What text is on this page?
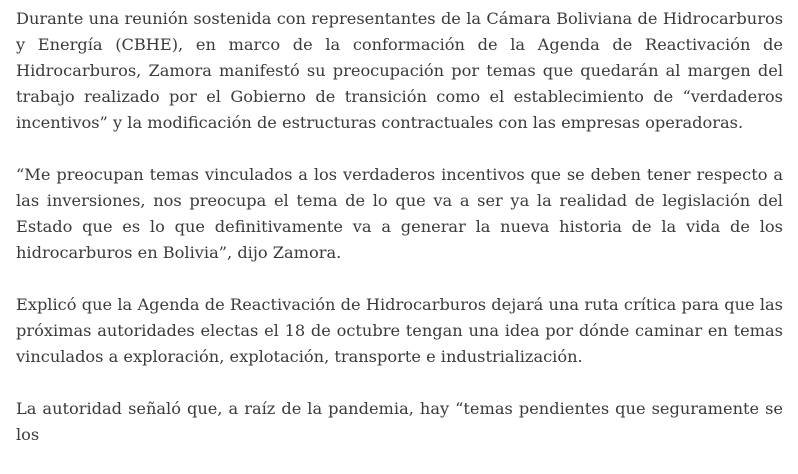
Durante una reunión sostenida con representantes de la Cámara Boliviana de Hidrocarburos y Energía (CBHE), en marco de la conformación de la Agenda de Reactivación de Hidrocarburos, Zamora manifestó su preocupación por temas que quedarán al margen del trabajo realizado por el Gobierno de transición como el establecimiento de “verdaderos incentivos” y la modificación de estructuras contractuales con las empresas operadoras.

“Me preocupan temas vinculados a los verdaderos incentivos que se deben tener respecto a las inversiones, nos preocupa el tema de lo que va a ser ya la realidad de legislación del Estado que es lo que definitivamente va a generar la nueva historia de la vida de los hidrocarburos en Bolivia”, dijo Zamora.

Explicó que la Agenda de Reactivación de Hidrocarburos dejará una ruta crítica para que las próximas autoridades electas el 18 de octubre tengan una idea por dónde caminar en temas vinculados a exploración, explotación, transporte e industrialización.

La autoridad señaló que, a raíz de la pandemia, hay “temas pendientes que seguramente se los
